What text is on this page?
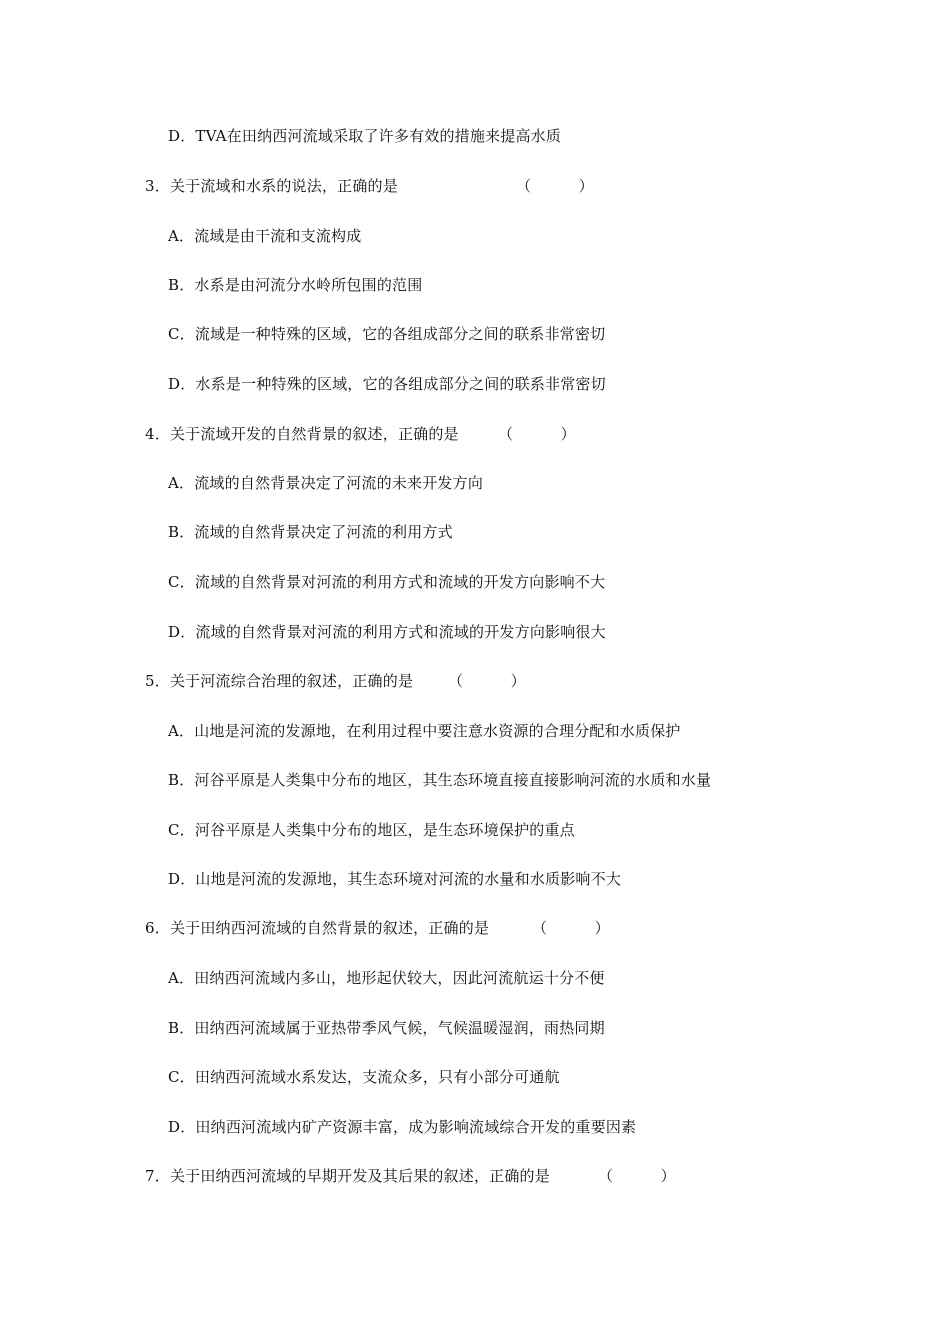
D．TVA在田纳西河流域采取了许多有效的措施来提高水质
3．关于流域和水系的说法，正确的是	（          ）
A．流域是由干流和支流构成
B．水系是由河流分水岭所包围的范围
C．流域是一种特殊的区域，它的各组成部分之间的联系非常密切
D．水系是一种特殊的区域，它的各组成部分之间的联系非常密切
4．关于流域开发的自然背景的叙述，正确的是	（          ）
A．流域的自然背景决定了河流的未来开发方向
B．流域的自然背景决定了河流的利用方式
C．流域的自然背景对河流的利用方式和流域的开发方向影响不大
D．流域的自然背景对河流的利用方式和流域的开发方向影响很大
5．关于河流综合治理的叙述，正确的是 （          ）
A．山地是河流的发源地，在利用过程中要注意水资源的合理分配和水质保护
B．河谷平原是人类集中分布的地区，其生态环境直接直接影响河流的水质和水量
C．河谷平原是人类集中分布的地区，是生态环境保护的重点
D．山地是河流的发源地，其生态环境对河流的水量和水质影响不大
6．关于田纳西河流域的自然背景的叙述，正确的是	（          ）
A．田纳西河流域内多山，地形起伏较大，因此河流航运十分不便
B．田纳西河流域属于亚热带季风气候，气候温暖湿润，雨热同期
C．田纳西河流域水系发达，支流众多，只有小部分可通航
D．田纳西河流域内矿产资源丰富，成为影响流域综合开发的重要因素
7．关于田纳西河流域的早期开发及其后果的叙述，正确的是	（          ）
